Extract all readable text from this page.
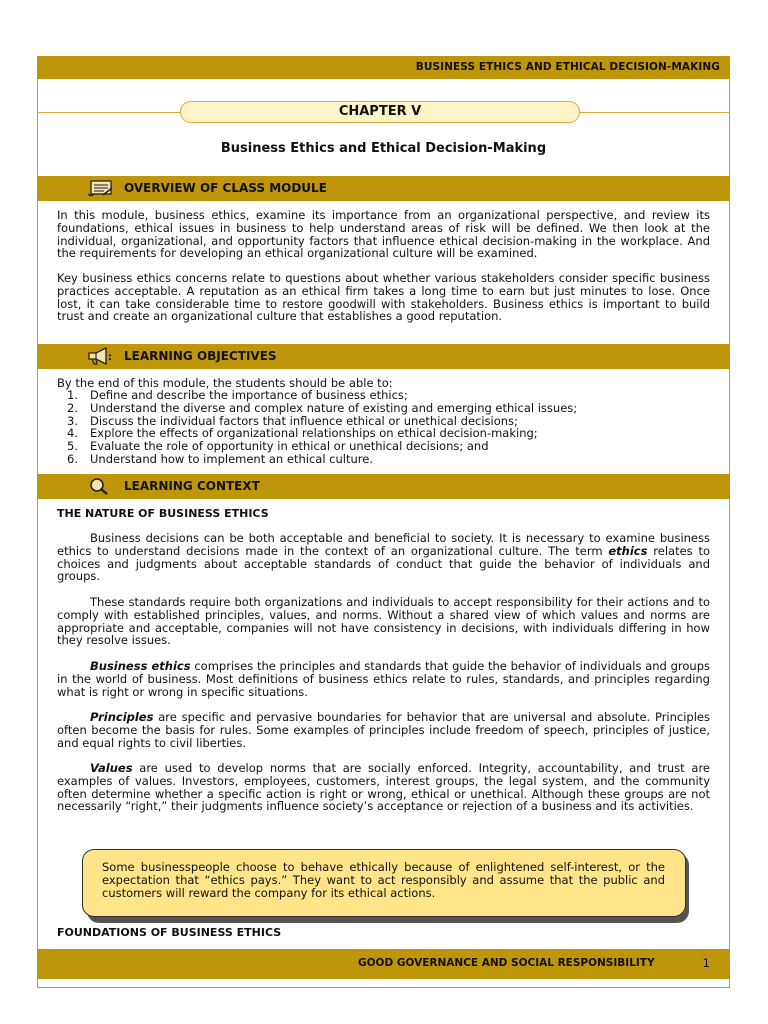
BUSINESS ETHICS AND ETHICAL DECISION-MAKING
CHAPTER V
Business Ethics and Ethical Decision-Making
OVERVIEW OF CLASS MODULE

In this module, business ethics, examine its importance from an organizational perspective, and review its foundations, ethical issues in business to help understand areas of risk will be defined. We then look at the individual, organizational, and opportunity factors that influence ethical decision-making in the workplace. And the requirements for developing an ethical organizational culture will be examined.

Key business ethics concerns relate to questions about whether various stakeholders consider specific business practices acceptable. A reputation as an ethical firm takes a long time to earn but just minutes to lose. Once lost, it can take considerable time to restore goodwill with stakeholders. Business ethics is important to build trust and create an organizational culture that establishes a good reputation.

: LEARNING OBJECTIVES

By the end of this module, the students should be able to:

1. Define and describe the importance of business ethics;
2. Understand the diverse and complex nature of existing and emerging ethical issues;
3. Discuss the individual factors that influence ethical or unethical decisions;
4. Explore the effects of organizational relationships on ethical decision-making;
5. Evaluate the role of opportunity in ethical or unethical decisions; and
6. Understand how to implement an ethical culture.
LEARNING CONTEXT
THE NATURE OF BUSINESS ETHICS

Business decisions can be both acceptable and beneficial to society. It is necessary to examine business ethics to understand decisions made in the context of an organizational culture. The term ethics relates to choices and judgments about acceptable standards of conduct that guide the behavior of individuals and groups.

These standards require both organizations and individuals to accept responsibility for their actions and to comply with established principles, values, and norms. Without a shared view of which values and norms are appropriate and acceptable, companies will not have consistency in decisions, with individuals differing in how they resolve issues.

Business ethics comprises the principles and standards that guide the behavior of individuals and groups in the world of business. Most definitions of business ethics relate to rules, standards, and principles regarding what is right or wrong in specific situations.

Principles are specific and pervasive boundaries for behavior that are universal and absolute. Principles often become the basis for rules. Some examples of principles include freedom of speech, principles of justice, and equal rights to civil liberties.

Values are used to develop norms that are socially enforced. Integrity, accountability, and trust are examples of values. Investors, employees, customers, interest groups, the legal system, and the community often determine whether a specific action is right or wrong, ethical or unethical. Although these groups are not necessarily “right,” their judgments influence society’s acceptance or rejection of a business and its activities.

Some businesspeople choose to behave ethically because of enlightened self-interest, or the expectation that “ethics pays.” They want to act responsibly and assume that the public and customers will reward the company for its ethical actions.
FOUNDATIONS OF BUSINESS ETHICS
GOOD GOVERNANCE AND SOCIAL RESPONSIBILITY	1
